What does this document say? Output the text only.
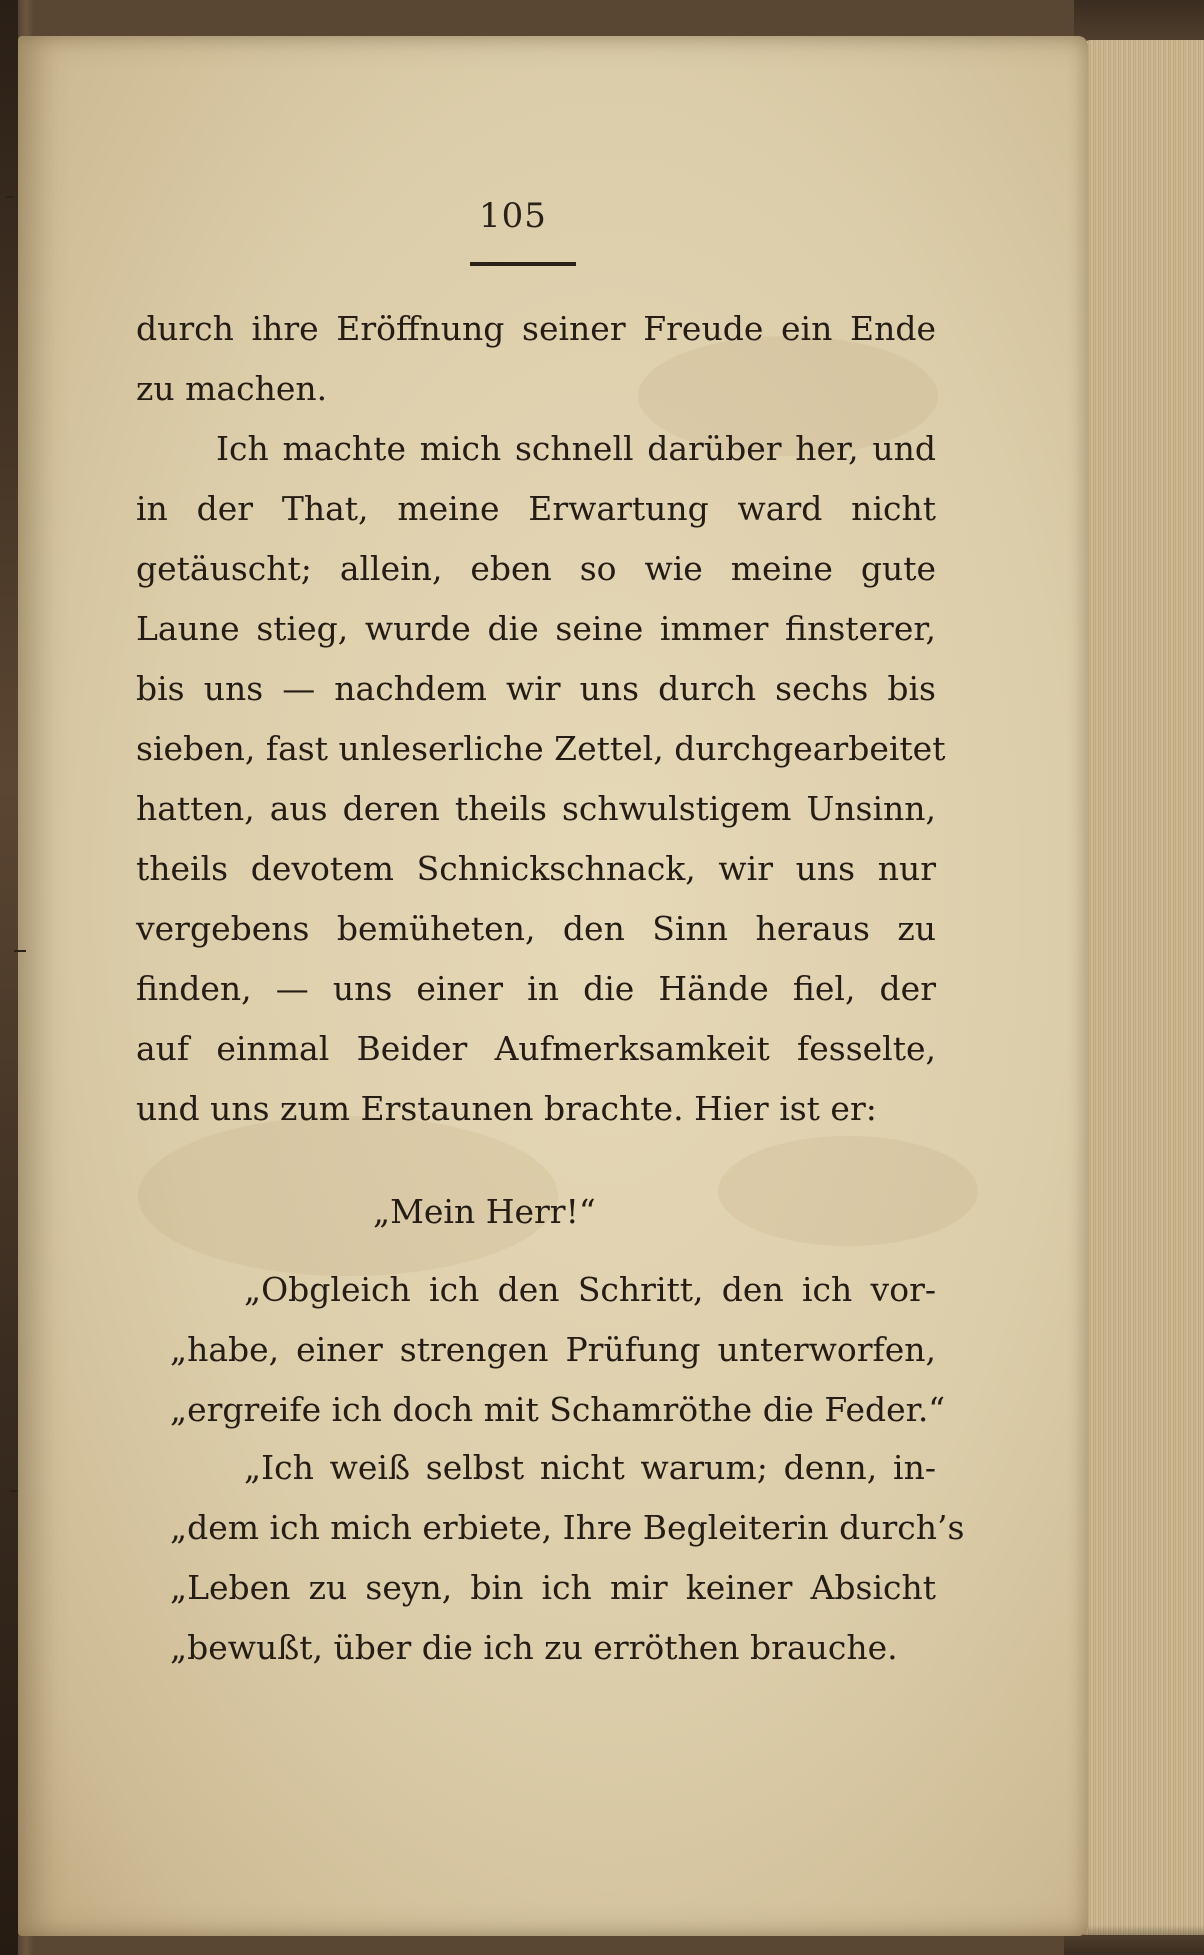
105
durch ihre Eröffnung seiner Freude ein Ende
zu machen.
Ich machte mich schnell darüber her, und
in der That, meine Erwartung ward nicht
getäuscht; allein, eben so wie meine gute
Laune stieg, wurde die seine immer finsterer,
bis uns — nachdem wir uns durch sechs bis
sieben, fast unleserliche Zettel, durchgearbeitet
hatten, aus deren theils schwulstigem Unsinn,
theils devotem Schnickschnack, wir uns nur
vergebens bemüheten, den Sinn heraus zu
finden, — uns einer in die Hände fiel, der
auf einmal Beider Aufmerksamkeit fesselte,
und uns zum Erstaunen brachte. Hier ist er:
„Mein Herr!“
„Obgleich ich den Schritt, den ich vor-
„habe, einer strengen Prüfung unterworfen,
„ergreife ich doch mit Schamröthe die Feder.“
„Ich weiß selbst nicht warum; denn, in-
„dem ich mich erbiete, Ihre Begleiterin durch’s
„Leben zu seyn, bin ich mir keiner Absicht
„bewußt, über die ich zu erröthen brauche.
